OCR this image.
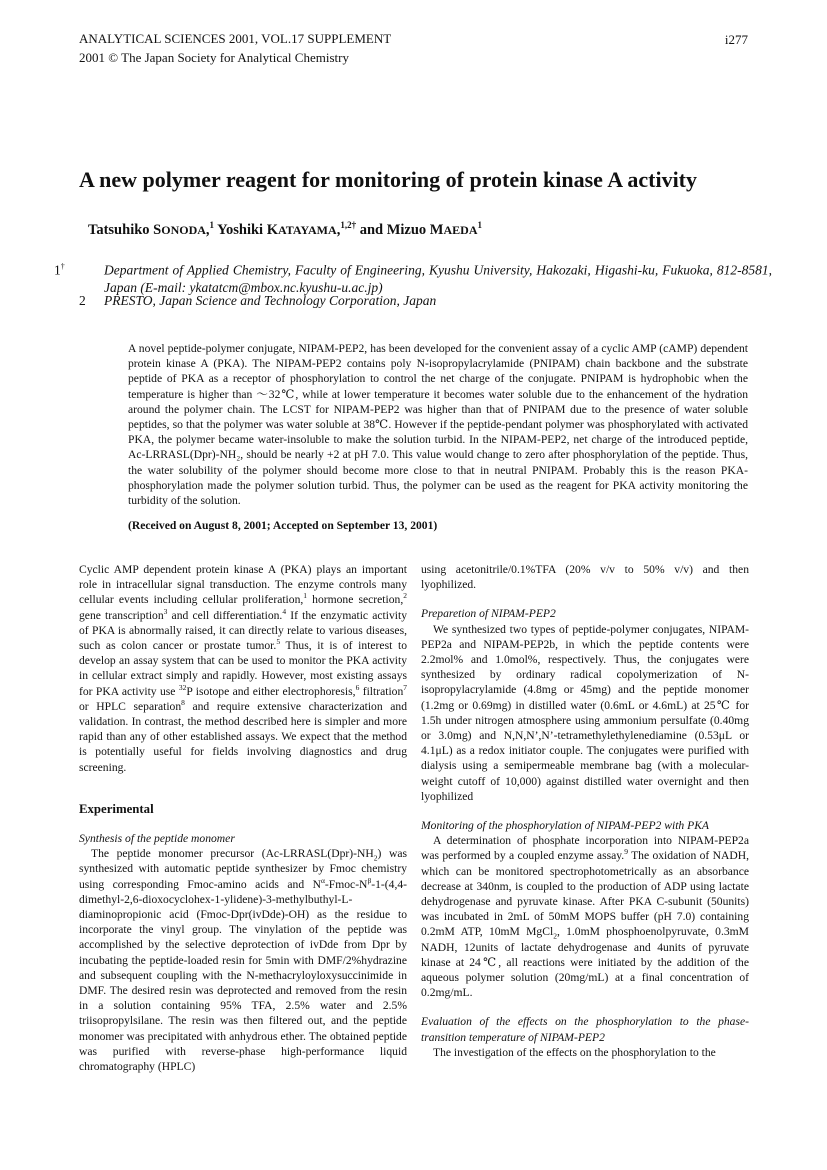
ANALYTICAL SCIENCES 2001, VOL.17 SUPPLEMENT
2001 © The Japan Society for Analytical Chemistry
i277
A new polymer reagent for monitoring of protein kinase A activity
Tatsuhiko SONODA,$^1$ Yoshiki KATAYAMA,$^{1,2\dagger}$ and Mizuo MAEDA$^1$
1†	Department of Applied Chemistry, Faculty of Engineering, Kyushu University, Hakozaki, Higashi-ku, Fukuoka, 812-8581, Japan (E-mail: ykatatcm@mbox.nc.kyushu-u.ac.jp)
2 PRESTO, Japan Science and Technology Corporation, Japan

A novel peptide-polymer conjugate, NIPAM-PEP2, has been developed for the convenient assay of a cyclic AMP (cAMP) dependent protein kinase A (PKA). The NIPAM-PEP2 contains poly N-isopropylacrylamide (PNIPAM) chain backbone and the substrate peptide of PKA as a receptor of phosphorylation to control the net charge of the conjugate. PNIPAM is hydrophobic when the temperature is higher than ～32℃, while at lower temperature it becomes water soluble due to the enhancement of the hydration around the polymer chain. The LCST for NIPAM-PEP2 was higher than that of PNIPAM due to the presence of water soluble peptides, so that the polymer was water soluble at 38℃. However if the peptide-pendant polymer was phosphorylated with activated PKA, the polymer became water-insoluble to make the solution turbid. In the NIPAM-PEP2, net charge of the introduced peptide, Ac-LRRASL(Dpr)-NH₂, should be nearly +2 at pH 7.0. This value would change to zero after phosphorylation of the peptide. Thus, the water solubility of the polymer should become more close to that in neutral PNIPAM. Probably this is the reason PKA-phosphorylation made the polymer solution turbid. Thus, the polymer can be used as the reagent for PKA activity monitoring the turbidity of the solution.

(Received on August 8, 2001; Accepted on September 13, 2001)

Cyclic AMP dependent protein kinase A (PKA) plays an important role in intracellular signal transduction. The enzyme controls many cellular events including cellular proliferation,$^1$ hormone secretion,$^2$ gene transcription$^3$ and cell differentiation.$^4$ If the enzymatic activity of PKA is abnormally raised, it can directly relate to various diseases, such as colon cancer or prostate tumor.$^5$ Thus, it is of interest to develop an assay system that can be used to monitor the PKA activity in cellular extract simply and rapidly. However, most existing assays for PKA activity use $^{32}$P isotope and either electrophoresis,$^6$ filtration$^7$ or HPLC separation$^8$ and require extensive characterization and validation. In contrast, the method described here is simpler and more rapid than any of other established assays. We expect that the method is potentially useful for fields involving diagnostics and drug screening.

Experimental

Synthesis of the peptide monomer

The peptide monomer precursor $(Ac-LRRASL(Dpr)-NH_2)$ was synthesized with automatic peptide synthesizer by Fmoc chemistry using corresponding Fmoc-amino acids and $N^\alpha-Fmoc-N^\beta-1-(4,4-dimethyl-2,6-dioxocyclohex-1-ylidene)-3-methylbuthyl-L$-diaminopropionic acid (Fmoc-Dpr(ivDde)-OH) as the residue to incorporate the vinyl group. The vinylation of the peptide was accomplished by the selective deprotection of ivDde from Dpr by incubating the peptide-loaded resin for 5min with DMF/2%hydrazine and subsequent coupling with the N-methacryloyloxysuccinimide in DMF. The desired resin was deprotected and removed from the resin in a solution containing 95% TFA, 2.5% water and 2.5% triisopropylsilane. The resin was then filtered out, and the peptide monomer was precipitated with anhydrous ether. The obtained peptide was purified with reverse-phase high-performance liquid chromatography (HPLC)

using acetonitrile/0.1%TFA (20% v/v to 50% v/v) and then lyophilized.

Preparetion of NIPAM-PEP2

We synthesized two types of peptide-polymer conjugates, NIPAM-PEP2a and NIPAM-PEP2b, in which the peptide contents were 2.2mol% and 1.0mol%, respectively. Thus, the conjugates were synthesized by ordinary radical copolymerization of N-isopropylacrylamide (4.8mg or 45mg) and the peptide monomer (1.2mg or 0.69mg) in distilled water (0.6mL or 4.6mL) at 25℃ for 1.5h under nitrogen atmosphere using ammonium persulfate (0.40mg or 3.0mg) and N,N,N’,N’-tetramethylethylenediamine (0.53μL or 4.1μL) as a redox initiator couple. The conjugates were purified with dialysis using a semipermeable membrane bag (with a molecular-weight cutoff of 10,000) against distilled water overnight and then lyophilized

Monitoring of the phosphorylation of NIPAM-PEP2 with PKA

A determination of phosphate incorporation into NIPAM-PEP2a was performed by a coupled enzyme assay.$^9$ The oxidation of NADH, which can be monitored spectrophotometrically as an absorbance decrease at 340nm, is coupled to the production of ADP using lactate dehydrogenase and pyruvate kinase. After PKA C-subunit (50units) was incubated in 2mL of 50mM MOPS buffer (pH 7.0) containing 0.2mM ATP, 10mM MgCl$_2$, 1.0mM phosphoenolpyruvate, 0.3mM NADH, 12units of lactate dehydrogenase and 4units of pyruvate kinase at 24℃, all reactions were initiated by the addition of the aqueous polymer solution (20mg/mL) at a final concentration of 0.2mg/mL.

Evaluation of the effects on the phosphorylation to the phase-transition temperature of NIPAM-PEP2

The investigation of the effects on the phosphorylation to the
